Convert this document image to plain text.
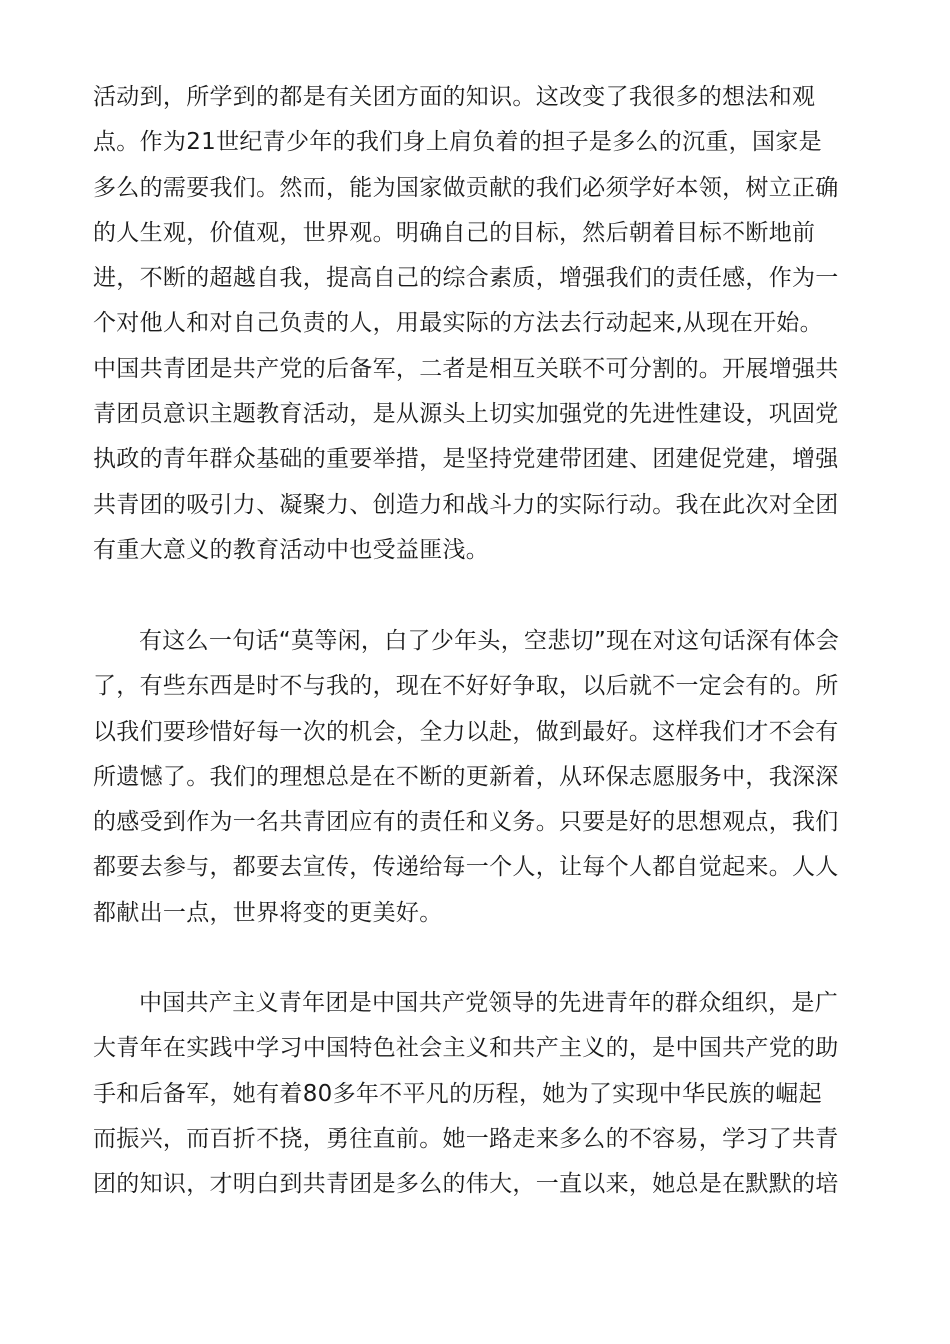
活动到，所学到的都是有关团方面的知识。这改变了我很多的想法和观
点。作为21世纪青少年的我们身上肩负着的担子是多么的沉重，国家是
多么的需要我们。然而，能为国家做贡献的我们必须学好本领，树立正确
的人生观，价值观，世界观。明确自己的目标，然后朝着目标不断地前
进，不断的超越自我，提高自己的综合素质，增强我们的责任感，作为一
个对他人和对自己负责的人，用最实际的方法去行动起来,从现在开始。
中国共青团是共产党的后备军，二者是相互关联不可分割的。开展增强共
青团员意识主题教育活动，是从源头上切实加强党的先进性建设，巩固党
执政的青年群众基础的重要举措，是坚持党建带团建、团建促党建，增强
共青团的吸引力、凝聚力、创造力和战斗力的实际行动。我在此次对全团
有重大意义的教育活动中也受益匪浅。
有这么一句话“莫等闲，白了少年头，空悲切”现在对这句话深有体会
了，有些东西是时不与我的，现在不好好争取，以后就不一定会有的。所
以我们要珍惜好每一次的机会，全力以赴，做到最好。这样我们才不会有
所遗憾了。我们的理想总是在不断的更新着，从环保志愿服务中，我深深
的感受到作为一名共青团应有的责任和义务。只要是好的思想观点，我们
都要去参与，都要去宣传，传递给每一个人，让每个人都自觉起来。人人
都献出一点，世界将变的更美好。
中国共产主义青年团是中国共产党领导的先进青年的群众组织，是广
大青年在实践中学习中国特色社会主义和共产主义的，是中国共产党的助
手和后备军，她有着80多年不平凡的历程，她为了实现中华民族的崛起
而振兴，而百折不挠，勇往直前。她一路走来多么的不容易，学习了共青
团的知识，才明白到共青团是多么的伟大，一直以来，她总是在默默的培
